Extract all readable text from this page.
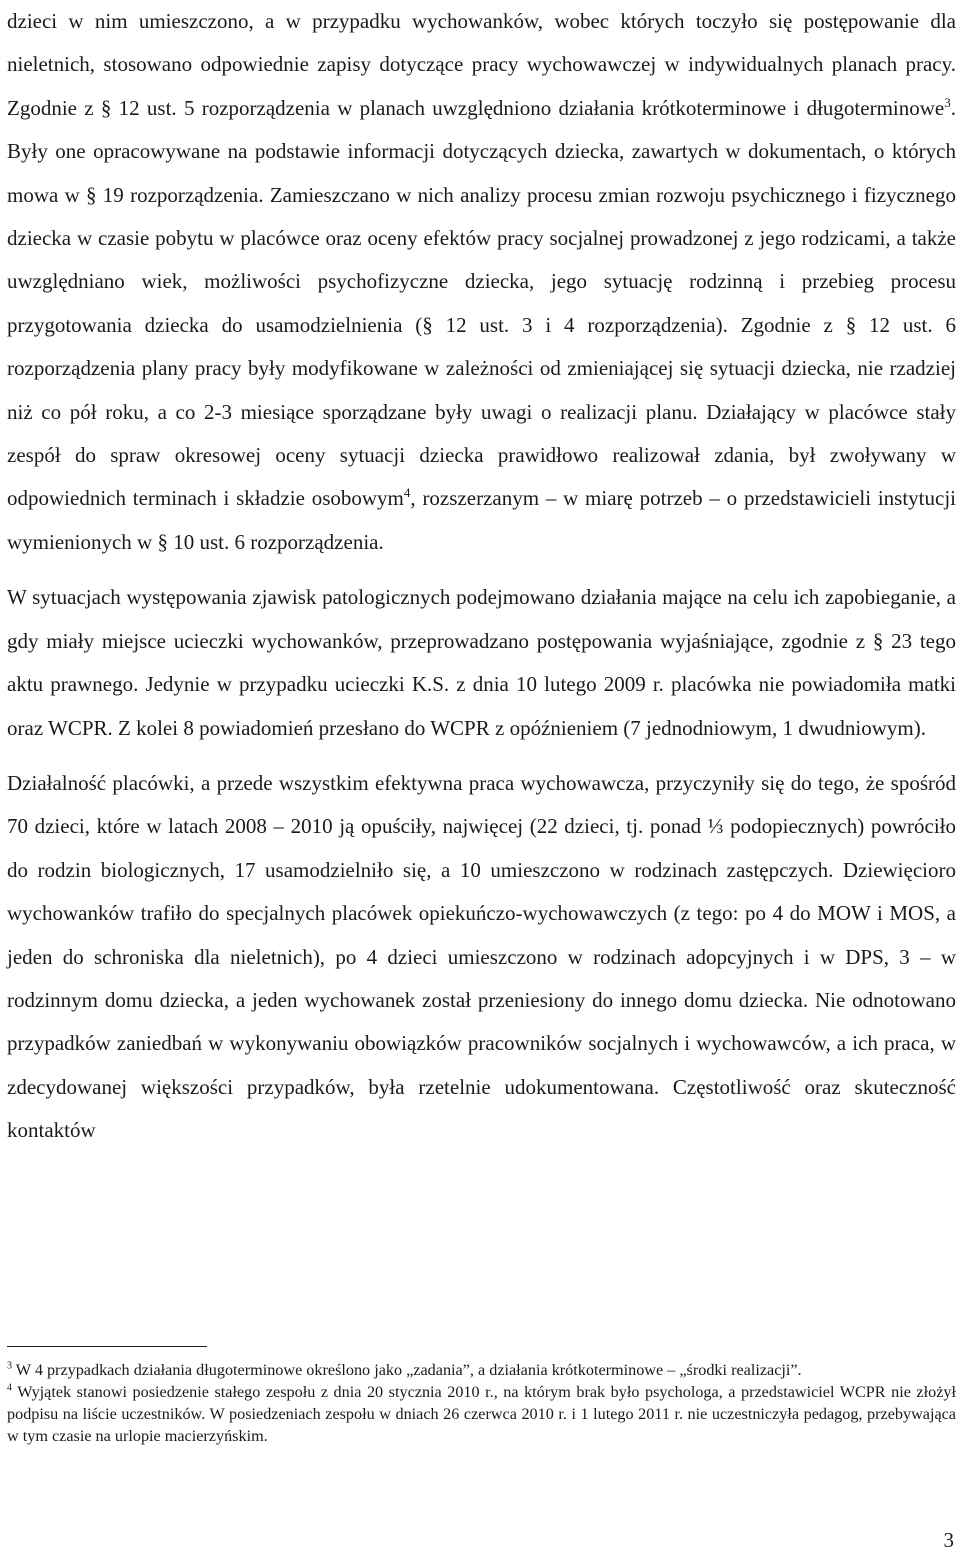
dzieci w nim umieszczono, a w przypadku wychowanków, wobec których toczyło się postępowanie dla nieletnich, stosowano odpowiednie zapisy dotyczące pracy wychowawczej w indywidualnych planach pracy. Zgodnie z § 12 ust. 5 rozporządzenia w planach uwzględniono działania krótkoterminowe i długoterminowe$^3$. Były one opracowywane na podstawie informacji dotyczących dziecka, zawartych w dokumentach, o których mowa w § 19 rozporządzenia. Zamieszczano w nich analizy procesu zmian rozwoju psychicznego i fizycznego dziecka w czasie pobytu w placówce oraz oceny efektów pracy socjalnej prowadzonej z jego rodzicami, a także uwzględniano wiek, możliwości psychofizyczne dziecka, jego sytuację rodzinną i przebieg procesu przygotowania dziecka do usamodzielnienia (§ 12 ust. 3 i 4 rozporządzenia). Zgodnie z § 12 ust. 6 rozporządzenia plany pracy były modyfikowane w zależności od zmieniającej się sytuacji dziecka, nie rzadziej niż co pół roku, a co 2-3 miesiące sporządzane były uwagi o realizacji planu. Działający w placówce stały zespół do spraw okresowej oceny sytuacji dziecka prawidłowo realizował zdania, był zwoływany w odpowiednich terminach i składzie osobowym$^4$, rozszerzanym – w miarę potrzeb – o przedstawicieli instytucji wymienionych w § 10 ust. 6 rozporządzenia.

W sytuacjach występowania zjawisk patologicznych podejmowano działania mające na celu ich zapobieganie, a gdy miały miejsce ucieczki wychowanków, przeprowadzano postępowania wyjaśniające, zgodnie z § 23 tego aktu prawnego. Jedynie w przypadku ucieczki K.S. z dnia 10 lutego 2009 r. placówka nie powiadomiła matki oraz WCPR. Z kolei 8 powiadomień przesłano do WCPR z opóźnieniem (7 jednodniowym, 1 dwudniowym).

Działalność placówki, a przede wszystkim efektywna praca wychowawcza, przyczyniły się do tego, że spośród 70 dzieci, które w latach 2008 – 2010 ją opuściły, najwięcej (22 dzieci, tj. ponad ⅓ podopiecznych) powróciło do rodzin biologicznych, 17 usamodzielniło się, a 10 umieszczono w rodzinach zastępczych. Dziewięcioro wychowanków trafiło do specjalnych placówek opiekuńczo-wychowawczych (z tego: po 4 do MOW i MOS, a jeden do schroniska dla nieletnich), po 4 dzieci umieszczono w rodzinach adopcyjnych i w DPS, 3 – w rodzinnym domu dziecka, a jeden wychowanek został przeniesiony do innego domu dziecka. Nie odnotowano przypadków zaniedbań w wykonywaniu obowiązków pracowników socjalnych i wychowawców, a ich praca, w zdecydowanej większości przypadków, była rzetelnie udokumentowana. Częstotliwość oraz skuteczność kontaktów

$^3$ W 4 przypadkach działania długoterminowe określono jako „zadania”, a działania krótkoterminowe – „środki realizacji”.

$^4$ Wyjątek stanowi posiedzenie stałego zespołu z dnia 20 stycznia 2010 r., na którym brak było psychologa, a przedstawiciel WCPR nie złożył podpisu na liście uczestników. W posiedzeniach zespołu w dniach 26 czerwca 2010 r. i 1 lutego 2011 r. nie uczestniczyła pedagog, przebywająca w tym czasie na urlopie macierzyńskim.

3
